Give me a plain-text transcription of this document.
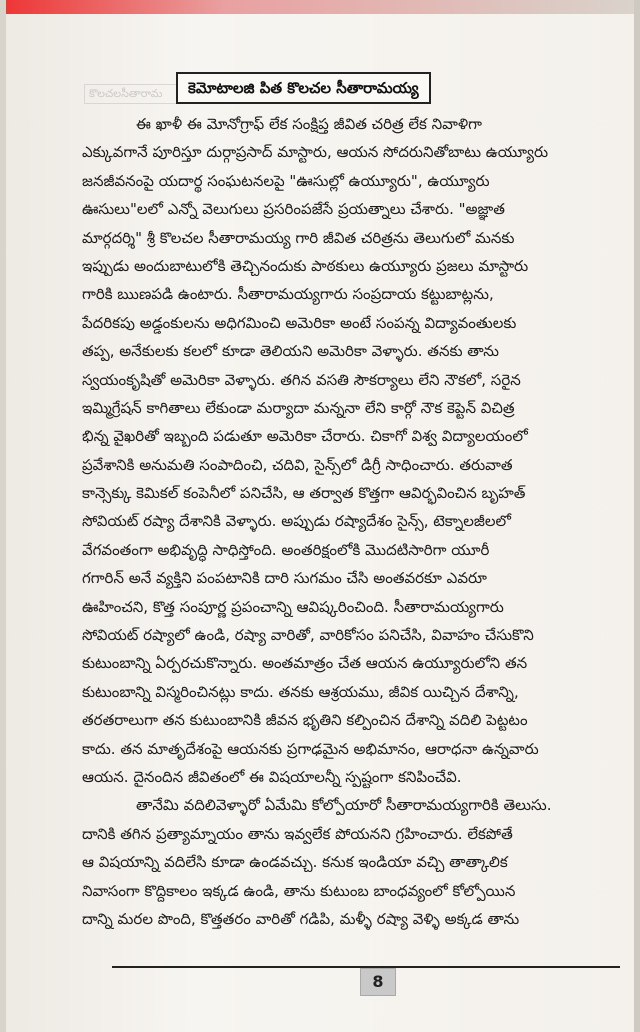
కొలచలసీతారామ	కెమోటాలజి పిత కొలచల సీతారామయ్య
ఈ ఖాళీ ఈ మోనోగ్రాఫ్ లేక సంక్షిప్త జీవిత చరిత్ర లేక నివాళిగా
ఎక్కువగానే పూరిస్తూ దుర్గాప్రసాద్ మాస్టారు, ఆయన సోదరునితోబాటు ఉయ్యూరు
జనజీవనంపై యదార్థ సంఘటనలపై "ఊసుల్లో ఉయ్యూరు", ఉయ్యూరు
ఊసులు"లలో ఎన్నో వెలుగులు ప్రసరింపజేసే ప్రయత్నాలు చేశారు. "అజ్ఞాత
మార్గదర్శి" శ్రీ కొలచల సీతారామయ్య గారి జీవిత చరిత్రను తెలుగులో మనకు
ఇప్పుడు అందుబాటులోకి తెచ్చినందుకు పాఠకులు ఉయ్యూరు ప్రజలు మాస్టారు
గారికి ఋణపడి ఉంటారు. సీతారామయ్యగారు సంప్రదాయ కట్టుబాట్లను,
పేదరికపు అడ్డంకులను అధిగమించి అమెరికా అంటే సంపన్న విద్యావంతులకు
తప్ప, అనేకులకు కలలో కూడా తెలియని అమెరికా వెళ్ళారు. తనకు తాను
స్వయంకృషితో అమెరికా వెళ్ళారు. తగిన వసతి సౌకర్యాలు లేని నౌకలో, సరైన
ఇమ్మిగ్రేషన్ కాగితాలు లేకుండా మర్యాదా మన్ననా లేని కార్గో నౌక కెప్టెన్ విచిత్ర
భిన్న వైఖరితో ఇబ్బంది పడుతూ అమెరికా చేరారు. చికాగో విశ్వ విద్యాలయంలో
ప్రవేశానికి అనుమతి సంపాదించి, చదివి, సైన్స్‌లో డిగ్రీ సాధించారు. తరువాత
కాన్సెక్కు కెమికల్ కంపెనీలో పనిచేసి, ఆ తర్వాత కొత్తగా ఆవిర్భవించిన బృహత్
సోవియట్ రష్యా దేశానికి వెళ్ళారు. అప్పుడు రష్యాదేశం సైన్స్, టెక్నాలజీలలో
వేగవంతంగా అభివృద్ధి సాధిస్తోంది. అంతరిక్షంలోకి మొదటిసారిగా యూరీ
గగారిన్ అనే వ్యక్తిని పంపటానికి దారి సుగమం చేసి అంతవరకూ ఎవరూ
ఊహించని, కొత్త సంపూర్ణ ప్రపంచాన్ని ఆవిష్కరించింది. సీతారామయ్యగారు
సోవియట్ రష్యాలో ఉండి, రష్యా వారితో, వారికోసం పనిచేసి, వివాహం చేసుకొని
కుటుంబాన్ని ఏర్పరచుకొన్నారు. అంతమాత్రం చేత ఆయన ఉయ్యూరులోని తన
కుటుంబాన్ని విస్మరించినట్లు కాదు. తనకు ఆశ్రయము, జీవిక యిచ్చిన దేశాన్ని,
తరతరాలుగా తన కుటుంబానికి జీవన భృతిని కల్పించిన దేశాన్ని వదిలి పెట్టటం
కాదు. తన మాతృదేశంపై ఆయనకు ప్రగాఢమైన అభిమానం, ఆరాధనా ఉన్నవారు
ఆయన. దైనందిన జీవితంలో ఈ విషయాలన్నీ స్పష్టంగా కనిపించేవి.
తానేమి వదిలివెళ్ళారో ఏమేమి కోల్పోయారో సీతారామయ్యగారికి తెలుసు.
దానికి తగిన ప్రత్యామ్నాయం తాను ఇవ్వలేక పోయనని గ్రహించారు. లేకపోతే
ఆ విషయాన్ని వదిలేసి కూడా ఉండవచ్చు. కనుక ఇండియా వచ్చి తాత్కాలిక
నివాసంగా కొద్దికాలం ఇక్కడ ఉండి, తాను కుటుంబ బాంధవ్యంలో కోల్పోయిన
దాన్ని మరల పొంది, కొత్తతరం వారితో గడిపి, మళ్ళీ రష్యా వెళ్ళి అక్కడ తాను
8
